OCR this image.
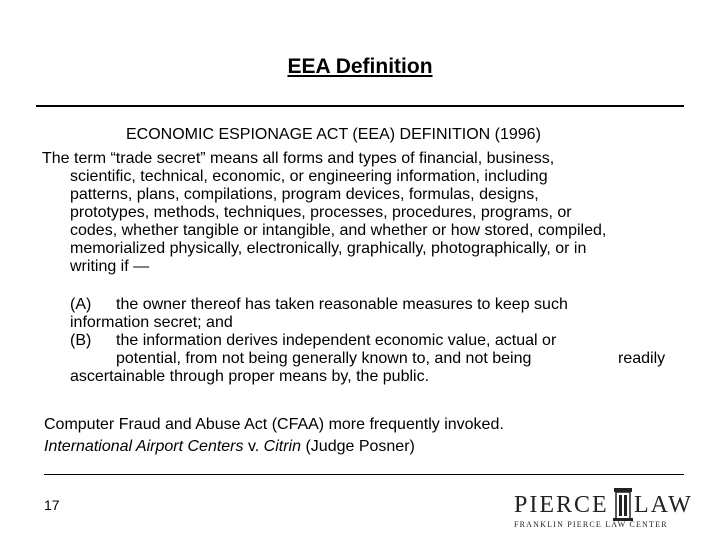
EEA Definition
ECONOMIC ESPIONAGE ACT (EEA) DEFINITION (1996)
The term “trade secret” means all forms and types of financial, business,
scientific, technical, economic, or engineering information, including
patterns, plans, compilations, program devices, formulas, designs,
prototypes, methods, techniques, processes, procedures, programs, or
codes, whether tangible or intangible, and whether or how stored, compiled,
memorialized physically, electronically, graphically, photographically, or in
writing if —
(A) the owner thereof has taken reasonable measures to keep such
information secret; and
(B) the information derives independent economic value, actual or
potential, from not being generally known to, and not being	readily
ascertainable through proper means by, the public.
Computer Fraud and Abuse Act (CFAA) more frequently invoked.
International Airport Centers v. Citrin (Judge Posner)
17	PIERCE LAW
FRANKLIN PIERCE LAW CENTER
